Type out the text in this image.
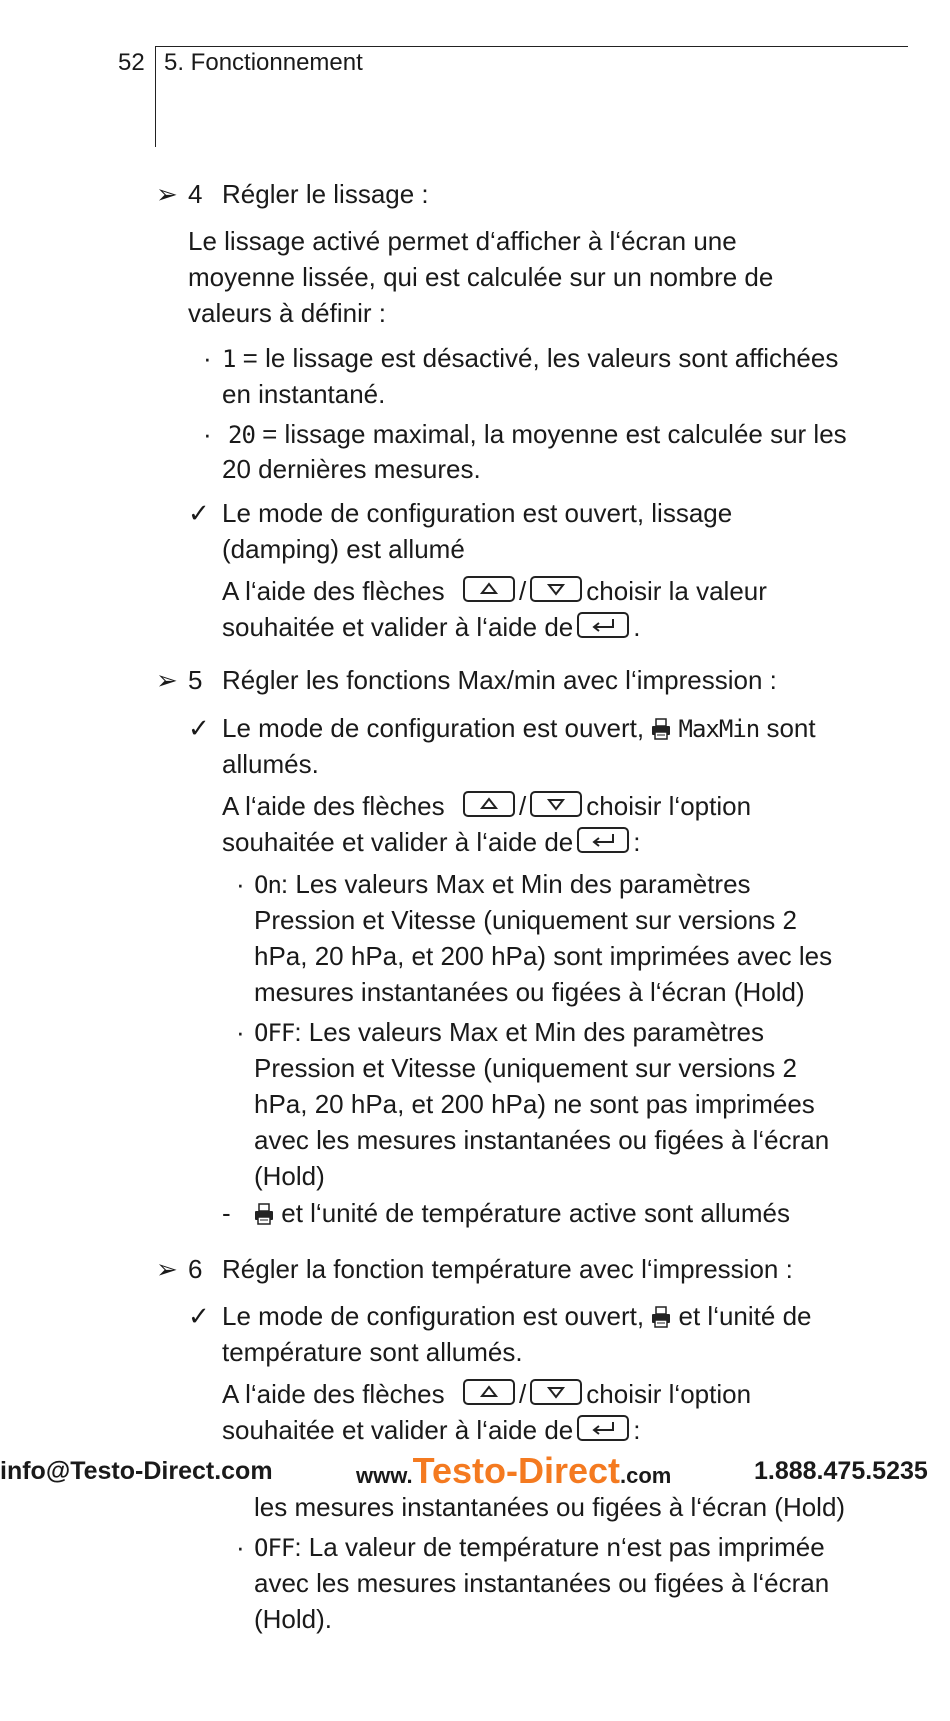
52 5. Fonctionnement
➢ 4 Régler le lissage :
Le lissage activé permet d‘afficher à l‘écran une
moyenne lissée, qui est calculée sur un nombre de
valeurs à définir :
· 1 = le lissage est désactivé, les valeurs sont affichées
en instantané.
· 20 = lissage maximal, la moyenne est calculée sur les
20 dernières mesures.
✓ Le mode de configuration est ouvert, lissage
(damping) est allumé
A l‘aide des flèches	/ choisir la valeur
souhaitée et valider à l‘aide de .
➢ 5 Régler les fonctions Max/min avec l‘impression :
✓ Le mode de configuration est ouvert, MaxMin sont
allumés.
A l‘aide des flèches	/ choisir l‘option
souhaitée et valider à l‘aide de :
· On: Les valeurs Max et Min des paramètres
Pression et Vitesse (uniquement sur versions 2
hPa, 20 hPa, et 200 hPa) sont imprimées avec les
mesures instantanées ou figées à l‘écran (Hold)
· OFF: Les valeurs Max et Min des paramètres
Pression et Vitesse (uniquement sur versions 2
hPa, 20 hPa, et 200 hPa) ne sont pas imprimées
avec les mesures instantanées ou figées à l‘écran
(Hold)
-	et l‘unité de température active sont allumés
➢ 6 Régler la fonction température avec l‘impression :
✓ Le mode de configuration est ouvert, et l‘unité de
température sont allumés.
A l‘aide des flèches	/ choisir l‘option
souhaitée et valider à l‘aide de :
info@Testo-Direct.com	www.Testo-Direct.com	1.888.475.5235
les mesures instantanées ou figées à l‘écran (Hold)
· OFF: La valeur de température n‘est pas imprimée
avec les mesures instantanées ou figées à l‘écran
(Hold).
